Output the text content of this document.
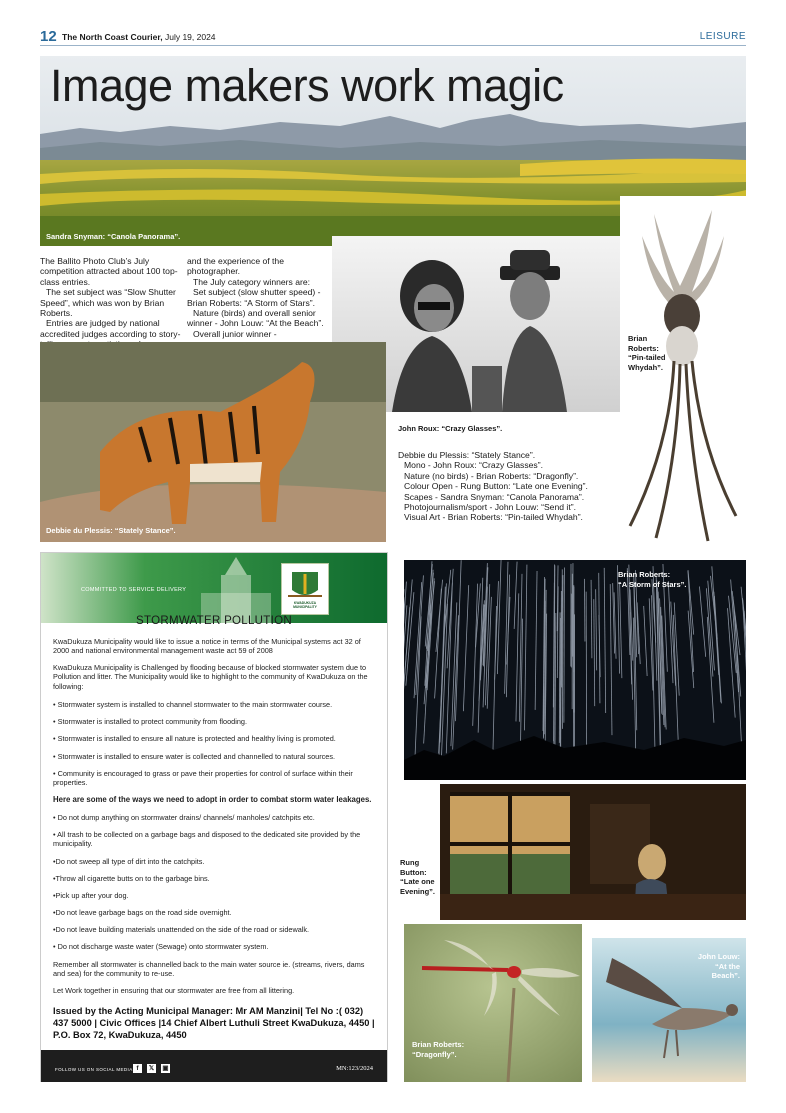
12 The North Coast Courier, July 19, 2024	LEISURE
Image makers work magic
Sandra Snyman: “Canola Panorama”.

The Ballito Photo Club’s July competition attracted about 100 top-class entries.

The set subject was “Slow Shutter Speed”, which was won by Brian Roberts.

Entries are judged by national accredited judges according to story-

and the experience of the photographer.

The July category winners are:

Set subject (slow shutter speed) - Brian Roberts: “A Storm of Stars”.

Nature (birds) and overall senior winner - John Louw: “At the Beach”.

Overall junior winner -

John Roux: “Crazy Glasses”.

Debbie du Plessis: “Stately Stance”.

Mono - John Roux: “Crazy Glasses”.

Nature (no birds) - Brian Roberts: “Dragonfly”.

Colour Open - Rung Button: “Late one Evening”.

Scapes - Sandra Snyman: “Canola Panorama”.

Photojournalism/sport - John Louw: “Send it”.

Visual Art - Brian Roberts: “Pin-tailed Whydah”.

Debbie du Plessis: “Stately Stance”.
Brian
Roberts:
“Pin-tailed
Whydah”.
Brian Roberts:
“A Storm of Stars”.
Rung
Button:
“Late one
Evening”.
Brian Roberts:
“Dragonfly”.
John Louw:
“At the
Beach”.
COMMITTED TO SERVICE DELIVERY
KWADUKUZA MUNICIPALITY
STORMWATER POLLUTION

KwaDukuza Municipality would like to issue a notice in terms of the Municipal systems act 32 of 2000 and national environmental management waste act 59 of 2008

KwaDukuza Municipality is Challenged by flooding because of blocked stormwater system due to Pollution and litter. The Municipality would like to highlight to the community of KwaDukuza on the following:

• Stormwater system is installed to channel stormwater to the main stormwater course.

• Stormwater is installed to protect community from flooding.

• Stormwater is installed to ensure all nature is protected and healthy living is promoted.

• Stormwater is installed to ensure water is collected and channelled to natural sources.

• Community is encouraged to grass or pave their properties for control of surface within their properties.

Here are some of the ways we need to adopt in order to combat storm water leakages.

• Do not dump anything on stormwater drains/ channels/ manholes/ catchpits etc.

• All trash to be collected on a garbage bags and disposed to the dedicated site provided by the municipality.

•Do not sweep all type of dirt into the catchpits.

•Throw all cigarette butts on to the garbage bins.

•Pick up after your dog.

•Do not leave garbage bags on the road side overnight.

•Do not leave building materials unattended on the side of the road or sidewalk.

• Do not discharge waste water (Sewage) onto stormwater system.

Remember all stormwater is channelled back to the main water source ie. (streams, rivers, dams and sea) for the community to re-use.

Let Work together in ensuring that our stormwater are free from all littering.

Issued by the Acting Municipal Manager: Mr AM Manzini| Tel No :( 032) 437 5000 | Civic Offices |14 Chief Albert Luthuli Street KwaDukuza, 4450 | P.O. Box 72, KwaDukuza, 4450

FOLLOW US ON SOCIAL MEDIA f	𝕏 ▣	MN:123/2024
